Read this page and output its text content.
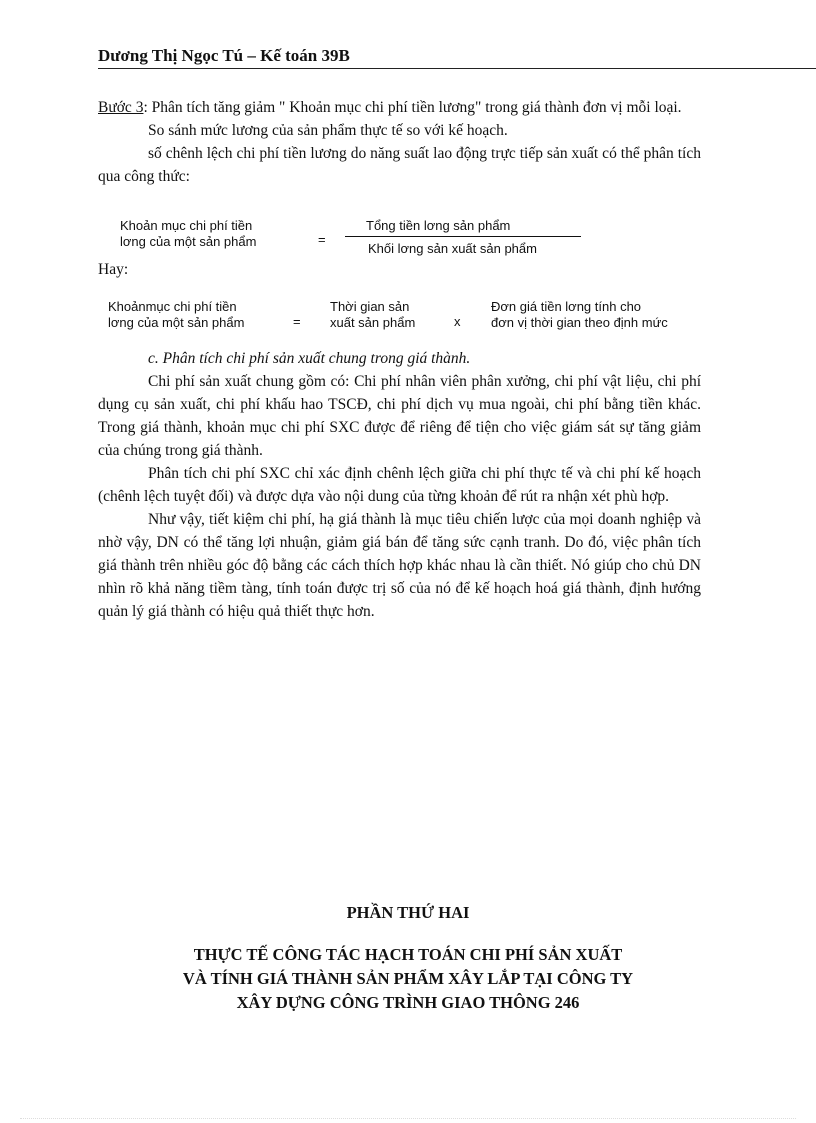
Dương Thị Ngọc Tú – Kế toán 39B

Bước 3: Phân tích tăng giảm " Khoản mục chi phí tiền lương" trong giá thành đơn vị mỗi loại.

So sánh mức lương của sản phẩm thực tế so với kế hoạch.

số chênh lệch chi phí tiền lương do năng suất lao động trực tiếp sản xuất có thể phân tích qua công thức:

Khoản mục chi phí tiền
lơng của một sản phẩm	=
Tổng tiền lơng sản phẩm
Khối lơng sản xuất sản phẩm
Hay:
Khoảnmục chi phí tiền
lơng của một sản phẩm	=
Thời gian sản
xuất sản phẩm	x
Đơn giá tiền lơng tính cho
đơn vị thời gian theo định mức

c. Phân tích chi phí sản xuất chung trong giá thành.

Chi phí sản xuất chung gồm có: Chi phí nhân viên phân xưởng, chi phí vật liệu, chi phí dụng cụ sản xuất, chi phí khấu hao TSCĐ, chi phí dịch vụ mua ngoài, chi phí bằng tiền khác. Trong giá thành, khoản mục chi phí SXC được để riêng để tiện cho việc giám sát sự tăng giảm của chúng trong giá thành.

Phân tích chi phí SXC chỉ xác định chênh lệch giữa chi phí thực tế và chi phí kế hoạch (chênh lệch tuyệt đối) và được dựa vào nội dung của từng khoản để rút ra nhận xét phù hợp.

Như vậy, tiết kiệm chi phí, hạ giá thành là mục tiêu chiến lược của mọi doanh nghiệp và nhờ vậy, DN có thể tăng lợi nhuận, giảm giá bán để tăng sức cạnh tranh. Do đó, việc phân tích giá thành trên nhiều góc độ bằng các cách thích hợp khác nhau là cần thiết. Nó giúp cho chủ DN nhìn rõ khả năng tiềm tàng, tính toán được trị số của nó để kế hoạch hoá giá thành, định hướng quản lý giá thành có hiệu quả thiết thực hơn.

PHẦN THỨ HAI
THỰC TẾ CÔNG TÁC HẠCH TOÁN CHI PHÍ SẢN XUẤT
VÀ TÍNH GIÁ THÀNH SẢN PHẨM XÂY LẮP TẠI CÔNG TY
XÂY DỰNG CÔNG TRÌNH GIAO THÔNG 246
